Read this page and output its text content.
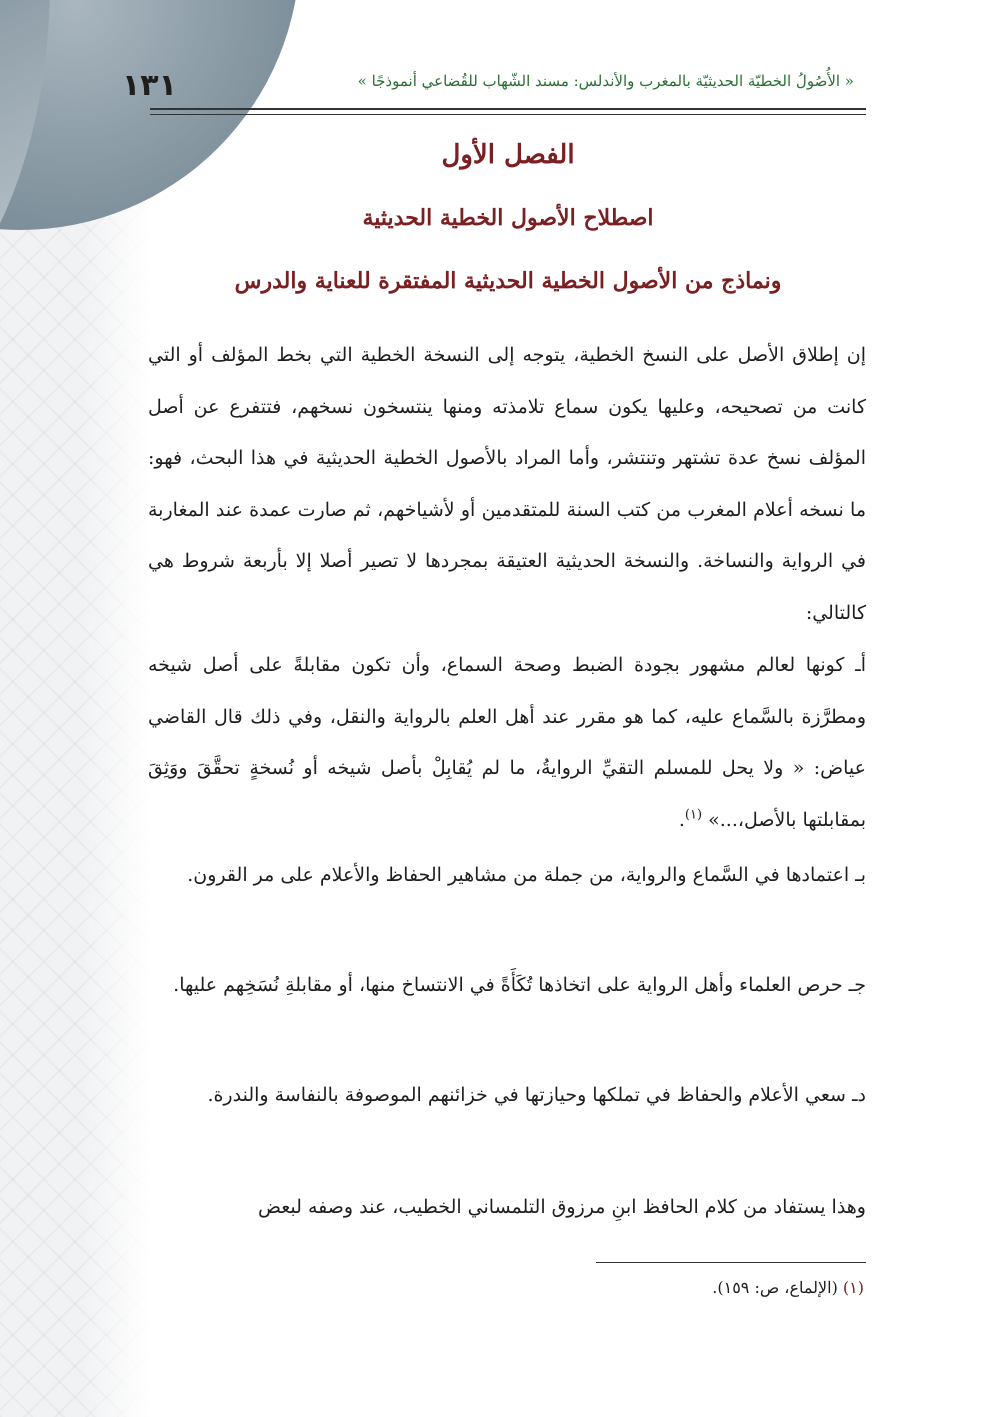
١٣١	« الأُصُولُ الخطيّة الحديثيّة بالمغرب والأندلس: مسند الشّهاب للقُضاعي أنموذجًا »
الفصل الأول
اصطلاح الأصول الخطية الحديثية
ونماذج من الأصول الخطية الحديثية المفتقرة للعناية والدرس

إن إطلاق الأصل على النسخ الخطية، يتوجه إلى النسخة الخطية التي بخط المؤلف أو التي كانت من تصحيحه، وعليها يكون سماع تلامذته ومنها ينتسخون نسخهم، فتتفرع عن أصل المؤلف نسخ عدة تشتهر وتنتشر، وأما المراد بالأصول الخطية الحديثية في هذا البحث، فهو: ما نسخه أعلام المغرب من كتب السنة للمتقدمين أو لأشياخهم، ثم صارت عمدة عند المغاربة في الرواية والنساخة. والنسخة الحديثية العتيقة بمجردها لا تصير أصلا إلا بأربعة شروط هي كالتالي:

أـ كونها لعالم مشهور بجودة الضبط وصحة السماع، وأن تكون مقابلةً على أصل شيخه ومطرَّزة بالسَّماع عليه، كما هو مقرر عند أهل العلم بالرواية والنقل، وفي ذلك قال القاضي عياض: « ولا يحل للمسلم التقيِّ الروايةُ، ما لم يُقابِلْ بأصل شيخه أو نُسخةٍ تحقَّقَ ووَثِقَ بمقابلتها بالأصل،...» $^{(١)}$.

بـ اعتمادها في السَّماع والرواية، من جملة من مشاهير الحفاظ والأعلام على مر القرون.

جـ حرص العلماء وأهل الرواية على اتخاذها تُكَأَةً في الانتساخ منها، أو مقابلةِ نُسَخِهم عليها.

دـ سعي الأعلام والحفاظ في تملكها وحيازتها في خزائنهم الموصوفة بالنفاسة والندرة.

وهذا يستفاد من كلام الحافظ ابنِ مرزوق التلمساني الخطيب، عند وصفه لبعض

(١) (الإلماع، ص: ١٥٩).
